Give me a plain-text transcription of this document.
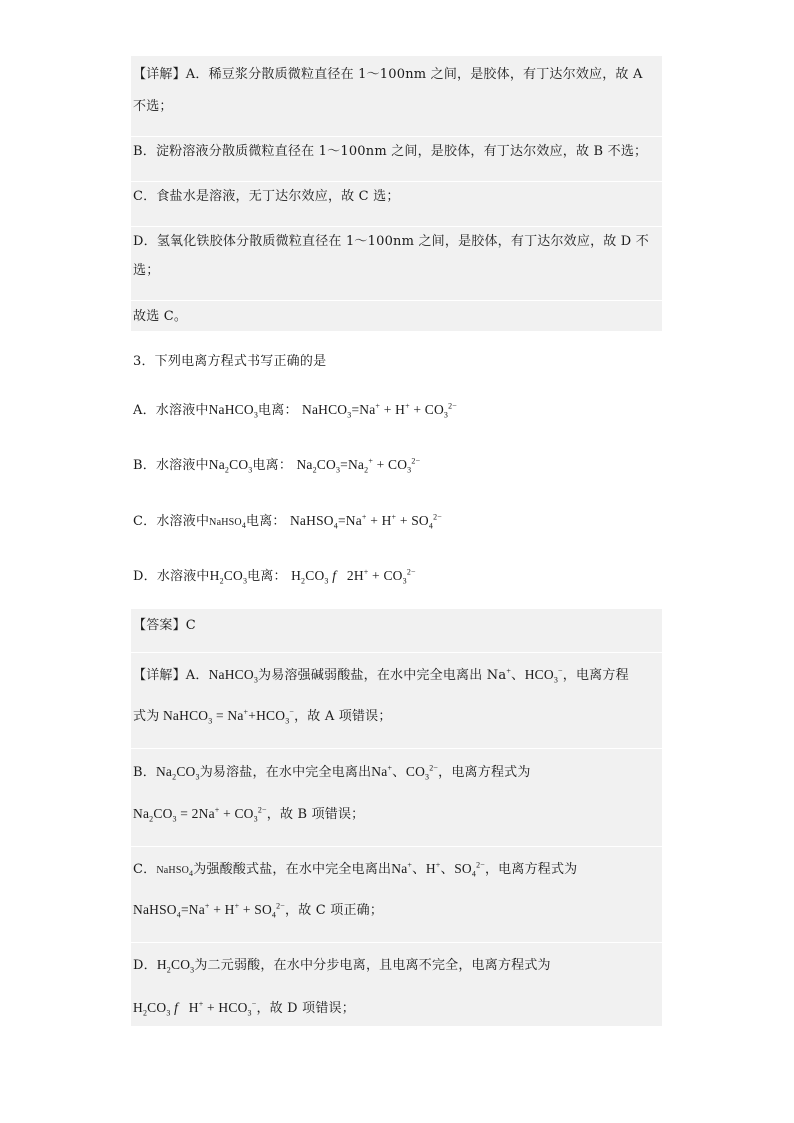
【详解】A．稀豆浆分散质微粒直径在 1～100nm 之间，是胶体，有丁达尔效应，故 A
不选；
B．淀粉溶液分散质微粒直径在 1～100nm 之间，是胶体，有丁达尔效应，故 B 不选；
C．食盐水是溶液，无丁达尔效应，故 C 选；
D．氢氧化铁胶体分散质微粒直径在 1～100nm 之间，是胶体，有丁达尔效应，故 D 不
选；
故选 C。
3．下列电离方程式书写正确的是
A．水溶液中NaHCO$_3$电离： NaHCO$_3$=Na+ + $H^+ + CO_3^{2-}$
B．水溶液中$Na_2CO_3$电离： $Na_2CO_3=Na_2^+ + CO_3^{2-}$
C．水溶液中NaHSO$_4$电离： NaHSO$_4$=Na+ + $H^+ + SO_4^{2-}$
D．水溶液中$H_2CO_3$电离： $H_2CO_3$ f   $2H^+ + CO_3^{2-}$
【答案】C
【详解】A．NaHCO$_3$为易溶强碱弱酸盐，在水中完全电离出 Na+、$HCO_3^-$，电离方程
式为 NaHCO$_3$ = $Na^++HCO_3^-$，故 A 项错误；
B．$Na_2CO_3$为易溶盐，在水中完全电离出Na+、$CO_3^{2-}$，电离方程式为
$Na_2CO_3 = 2Na^+ + CO_3^{2-}$，故 B 项错误；
C．NaHSO$_4$为强酸酸式盐，在水中完全电离出Na+、H+、$SO_4^{2-}$，电离方程式为
NaHSO$_4$=Na+ + $H^+ + SO_4^{2-}$，故 C 项正确；
D．$H_2CO_3$为二元弱酸，在水中分步电离，且电离不完全，电离方程式为
$H_2CO_3$ f   $H^+ + HCO_3^-$，故 D 项错误；
